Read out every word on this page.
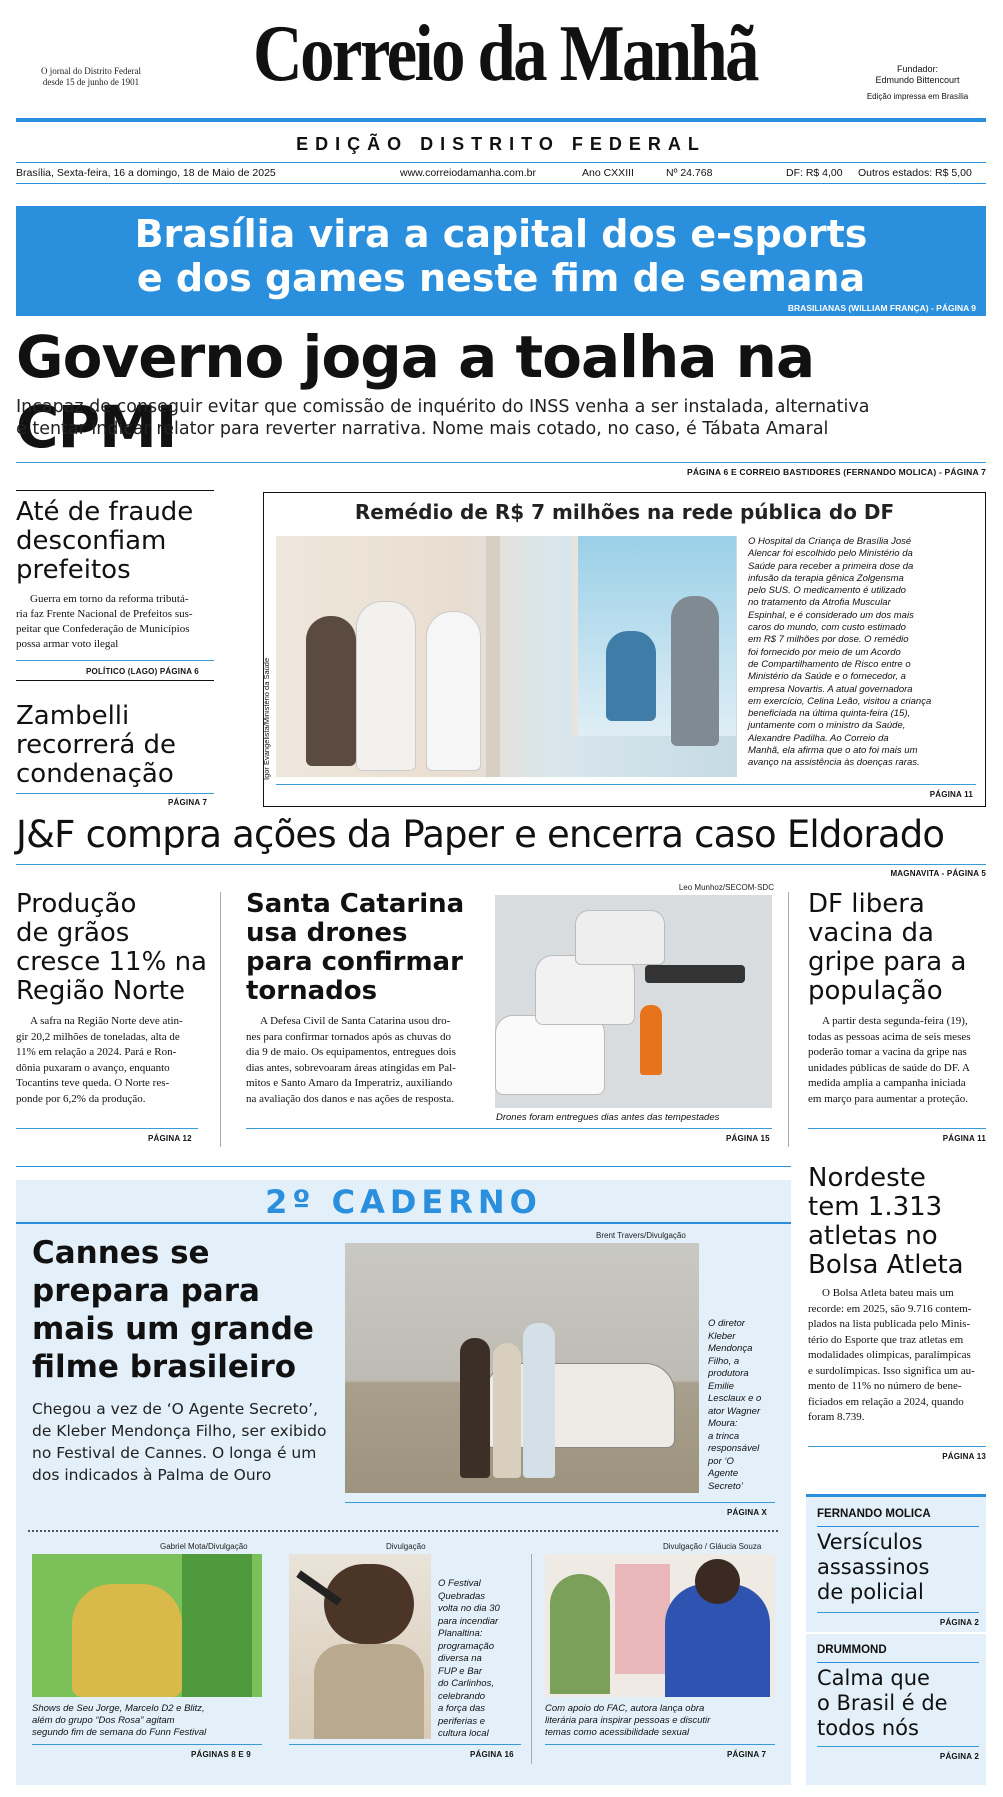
O jornal do Distrito Federal
desde 15 de junho de 1901	Correio da Manhã	Fundador:
Edmundo Bittencourt
Edição impressa em Brasília
EDIÇÃO DISTRITO FEDERAL
Brasília, Sexta-feira, 16 a domingo, 18 de Maio de 2025	www.correiodamanha.com.br	Ano CXXIII	Nº 24.768	DF: R$ 4,00 Outros estados: R$ 5,00
Brasília vira a capital dos e-sports
e dos games neste fim de semana
BRASILIANAS (WILLIAM FRANÇA) - PÁGINA 9
Governo joga a toalha na CPMI
Incapaz de conseguir evitar que comissão de inquérito do INSS venha a ser instalada, alternativa
é tentar indicar relator para reverter narrativa. Nome mais cotado, no caso, é Tábata Amaral
PÁGINA 6 E CORREIO BASTIDORES (FERNANDO MOLICA) - PÁGINA 7
Até de fraude
desconfiam
prefeitos
Guerra em torno da reforma tributá-
ria faz Frente Nacional de Prefeitos sus-
peitar que Confederação de Municípios
possa armar voto ilegal
POLÍTICO (LAGO) PÁGINA 6
Zambelli
recorrerá de
condenação
PÁGINA 7
Remédio de R$ 7 milhões na rede pública do DF
Igor Evangelista/Ministério da Saúde
O Hospital da Criança de Brasília José
Alencar foi escolhido pelo Ministério da
Saúde para receber a primeira dose da
infusão da terapia gênica Zolgensma
pelo SUS. O medicamento é utilizado
no tratamento da Atrofia Muscular
Espinhal, e é considerado um dos mais
caros do mundo, com custo estimado
em R$ 7 milhões por dose. O remédio
foi fornecido por meio de um Acordo
de Compartilhamento de Risco entre o
Ministério da Saúde e o fornecedor, a
empresa Novartis. A atual governadora
em exercício, Celina Leão, visitou a criança
beneficiada na última quinta-feira (15),
juntamente com o ministro da Saúde,
Alexandre Padilha. Ao Correio da
Manhã, ela afirma que o ato foi mais um
avanço na assistência às doenças raras.
PÁGINA 11
J&F compra ações da Paper e encerra caso Eldorado
MAGNAVITA - PÁGINA 5
Produção
de grãos
cresce 11% na
Região Norte
A safra na Região Norte deve atin-
gir 20,2 milhões de toneladas, alta de
11% em relação a 2024. Pará e Ron-
dônia puxaram o avanço, enquanto
Tocantins teve queda. O Norte res-
ponde por 6,2% da produção.
PÁGINA 12
Santa Catarina
usa drones
para confirmar
tornados
A Defesa Civil de Santa Catarina usou dro-
nes para confirmar tornados após as chuvas do
dia 9 de maio. Os equipamentos, entregues dois
dias antes, sobrevoaram áreas atingidas em Pal-
mitos e Santo Amaro da Imperatriz, auxiliando
na avaliação dos danos e nas ações de resposta.
Leo Munhoz/SECOM-SDC
Drones foram entregues dias antes das tempestades
PÁGINA 15
DF libera
vacina da
gripe para a
população
A partir desta segunda-feira (19),
todas as pessoas acima de seis meses
poderão tomar a vacina da gripe nas
unidades públicas de saúde do DF. A
medida amplia a campanha iniciada
em março para aumentar a proteção.
PÁGINA 11
2º CADERNO
Cannes se
prepara para
mais um grande
filme brasileiro
Chegou a vez de ‘O Agente Secreto’,
de Kleber Mendonça Filho, ser exibido
no Festival de Cannes. O longa é um
dos indicados à Palma de Ouro
Brent Travers/Divulgação
O diretor
Kleber
Mendonça
Filho, a
produtora
Emilie
Lesclaux e o
ator Wagner
Moura:
a trinca
responsável
por ‘O
Agente
Secreto’
PÁGINA X
Gabriel Mota/Divulgação
Shows de Seu Jorge, Marcelo D2 e Blitz,
além do grupo “Dos Rosa” agitam
segundo fim de semana do Funn Festival
PÁGINAS 8 E 9
Divulgação
O Festival
Quebradas
volta no dia 30
para incendiar
Planaltina:
programação
diversa na
FUP e Bar
do Carlinhos,
celebrando
a força das
periferias e
cultura local
PÁGINA 16
Divulgação / Gláucia Souza
Com apoio do FAC, autora lança obra
literária para inspirar pessoas e discutir
temas como acessibilidade sexual
PÁGINA 7
Nordeste
tem 1.313
atletas no
Bolsa Atleta
O Bolsa Atleta bateu mais um
recorde: em 2025, são 9.716 contem-
plados na lista publicada pelo Minis-
tério do Esporte que traz atletas em
modalidades olímpicas, paralímpicas
e surdolímpicas. Isso significa um au-
mento de 11% no número de bene-
ficiados em relação a 2024, quando
foram 8.739.
PÁGINA 13
FERNANDO MOLICA
Versículos
assassinos
de policial
PÁGINA 2
DRUMMOND
Calma que
o Brasil é de
todos nós
PÁGINA 2
